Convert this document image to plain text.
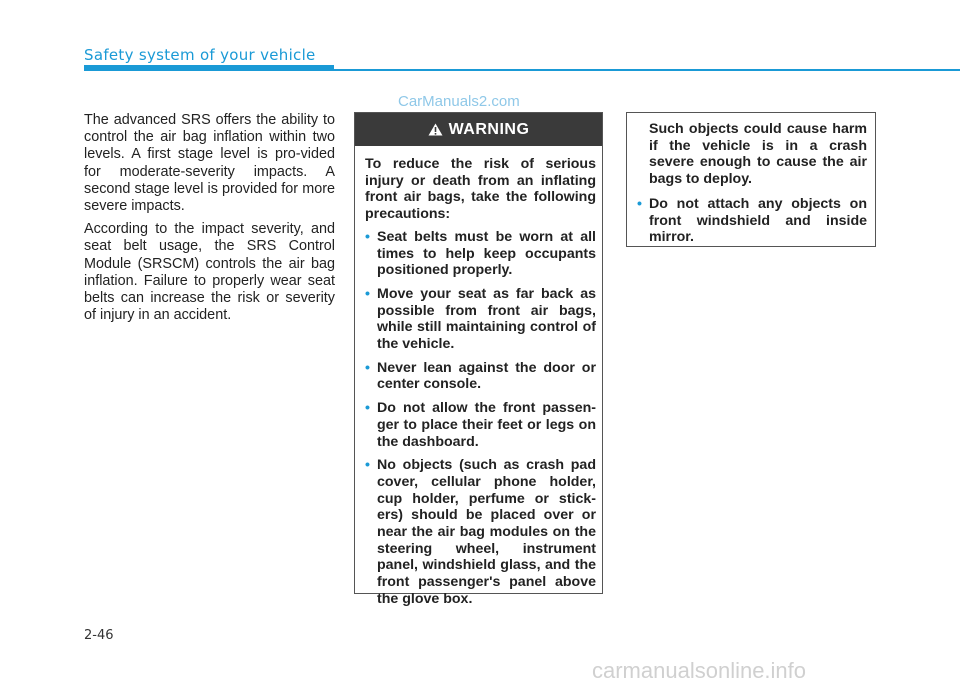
Safety system of your vehicle
CarManuals2.com

The advanced SRS offers the ability to control the air bag inflation within two levels. A first stage level is pro-vided for moderate-severity impacts. A second stage level is provided for more severe impacts.

According to the impact severity, and seat belt usage, the SRS Control Module (SRSCM) controls the air bag inflation. Failure to properly wear seat belts can increase the risk or severity of injury in an accident.

WARNING

To reduce the risk of serious injury or death from an inflating front air bags, take the following precautions:

• Seat belts must be worn at all times to help keep occupants positioned properly.
• Move your seat as far back as possible from front air bags, while still maintaining control of the vehicle.
• Never lean against the door or center console.
• Do not allow the front passen-ger to place their feet or legs on the dashboard.
• No objects (such as crash pad cover, cellular phone holder, cup holder, perfume or stick-ers) should be placed over or near the air bag modules on the steering wheel, instrument panel, windshield glass, and the front passenger's panel above the glove box.

Such objects could cause harm if the vehicle is in a crash severe enough to cause the air bags to deploy.

• Do not attach any objects on front windshield and inside mirror.
2-46
carmanualsonline.info
